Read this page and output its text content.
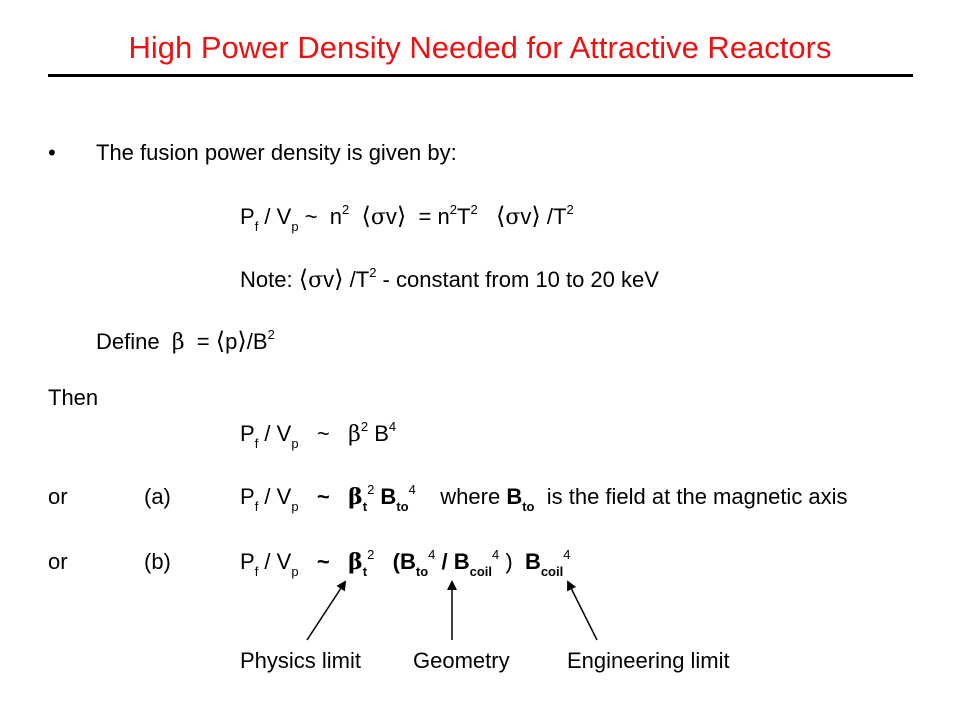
High Power Density Needed for Attractive Reactors
• The fusion power density is given by:
$P_f / V_p$ ~ $n^2$ ⟨σv⟩ = $n^2T^2$ ⟨σv⟩ $/T^2$
Note: ⟨σv⟩ $/T^2$ - constant from 10 to 20 keV
Define $\beta = ⟨p⟩/B^2$
Then
$P_f / V_p$ ~ $\beta^2$ $B^4$
or	(a)	$P_f / V_p$ ~ $\beta_t^2$ $B_{to}^4$ where $B_{to}$ is the field at the magnetic axis
or	(b)	$P_f / V_p$ ~ $\beta_t^2$ ($B_{to}^4 / B_{coil}^4$ ) $B_{coil}^4$
Physics limit Geometry	Engineering limit
